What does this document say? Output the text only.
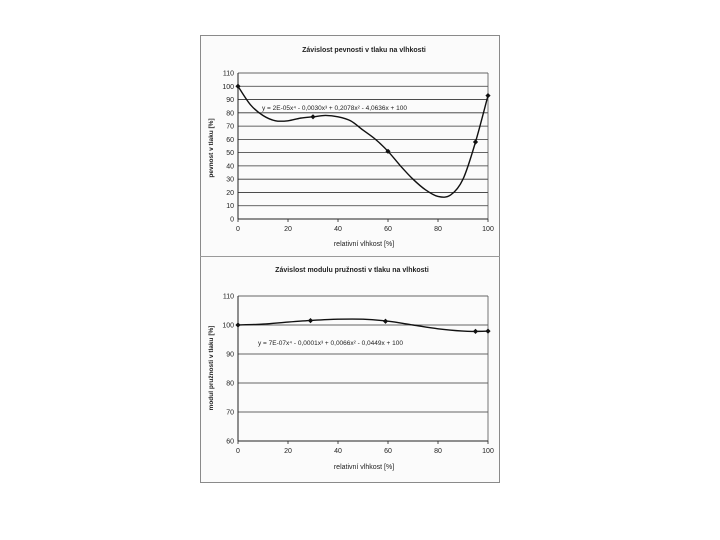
Závislost pevnosti v tlaku na vlhkosti
pevnost v tlaku [%]
relativní vlhkost [%]
y = 2E-05x⁴ - 0,0030x³ + 0,2078x² - 4,0636x + 100
0
10
20
30
40
50
60
70
80
90
100
110
0	20	40	60	80	100
Závislost modulu pružnosti v tlaku na vlhkosti
modul pružnosti v tlaku [%]
relativní vlhkost [%]
y = 7E-07x⁴ - 0,0001x³ + 0,0066x² - 0,0449x + 100
60
70
80
90
100
110
0	20	40	60	80	100
